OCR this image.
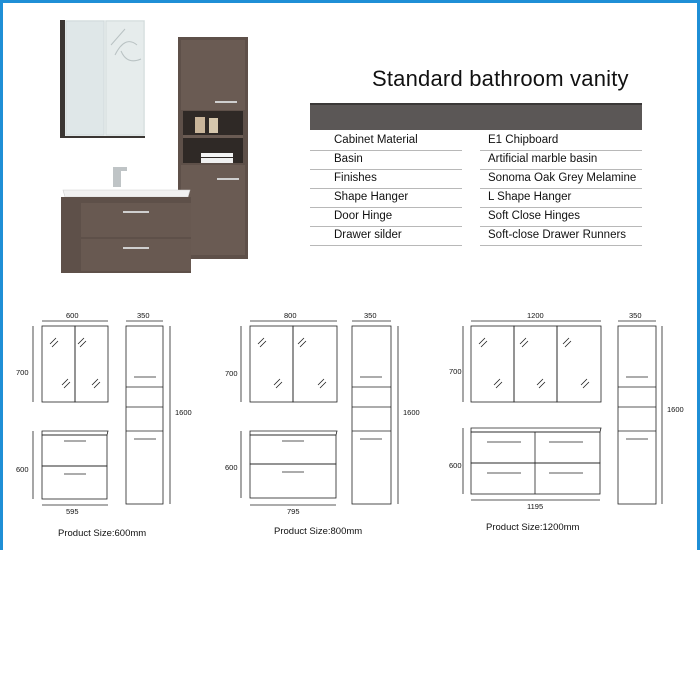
Standard bathroom vanity
Cabinet Material	E1 Chipboard
Basin	Artificial marble basin
Finishes	Sonoma Oak Grey Melamine
Shape Hanger	L Shape Hanger
Door Hinge	Soft Close Hinges
Drawer silder	Soft-close Drawer Runners
600	350
700
1600
600
595
800	350
700
1600
600
795
1200	350
700
1600
600
1195
Product Size:600mm	Product Size:800mm	Product Size:1200mm
